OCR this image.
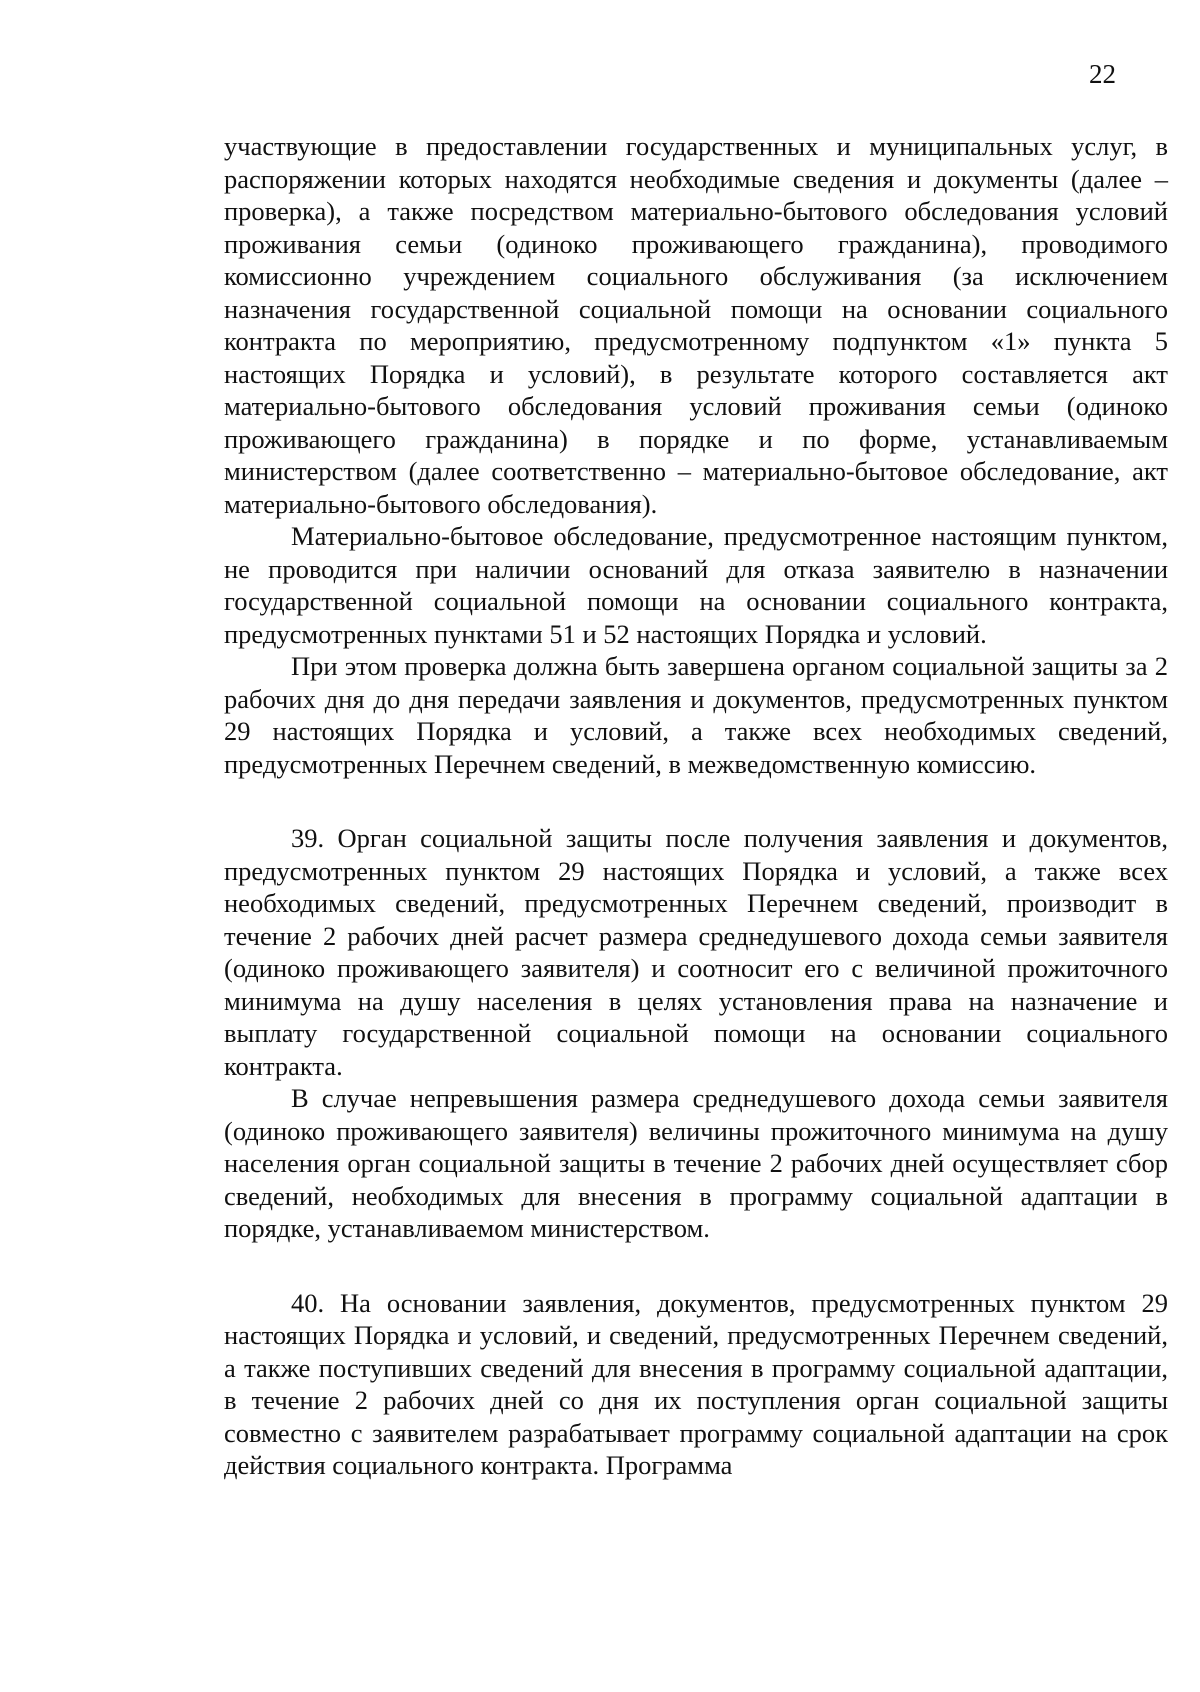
22

участвующие в предоставлении государственных и муниципальных услуг, в распоряжении которых находятся необходимые сведения и документы (далее – проверка), а также посредством материально-бытового обследования условий проживания семьи (одиноко проживающего гражданина), проводимого комиссионно учреждением социального обслуживания (за исключением назначения государственной социальной помощи на основании социального контракта по мероприятию, предусмотренному подпунктом «1» пункта 5 настоящих Порядка и условий), в результате которого составляется акт материально-бытового обследования условий проживания семьи (одиноко проживающего гражданина) в порядке и по форме, устанавливаемым министерством (далее соответственно – материально-бытовое обследование, акт материально-бытового обследования).

Материально-бытовое обследование, предусмотренное настоящим пунктом, не проводится при наличии оснований для отказа заявителю в назначении государственной социальной помощи на основании социального контракта, предусмотренных пунктами 51 и 52 настоящих Порядка и условий.

При этом проверка должна быть завершена органом социальной защиты за 2 рабочих дня до дня передачи заявления и документов, предусмотренных пунктом 29 настоящих Порядка и условий, а также всех необходимых сведений, предусмотренных Перечнем сведений, в межведомственную комиссию.

39. Орган социальной защиты после получения заявления и документов, предусмотренных пунктом 29 настоящих Порядка и условий, а также всех необходимых сведений, предусмотренных Перечнем сведений, производит в течение 2 рабочих дней расчет размера среднедушевого дохода семьи заявителя (одиноко проживающего заявителя) и соотносит его с величиной прожиточного минимума на душу населения в целях установления права на назначение и выплату государственной социальной помощи на основании социального контракта.

В случае непревышения размера среднедушевого дохода семьи заявителя (одиноко проживающего заявителя) величины прожиточного минимума на душу населения орган социальной защиты в течение 2 рабочих дней осуществляет сбор сведений, необходимых для внесения в программу социальной адаптации в порядке, устанавливаемом министерством.

40. На основании заявления, документов, предусмотренных пунктом 29 настоящих Порядка и условий, и сведений, предусмотренных Перечнем сведений, а также поступивших сведений для внесения в программу социальной адаптации, в течение 2 рабочих дней со дня их поступления орган социальной защиты совместно с заявителем разрабатывает программу социальной адаптации на срок действия социального контракта. Программа
